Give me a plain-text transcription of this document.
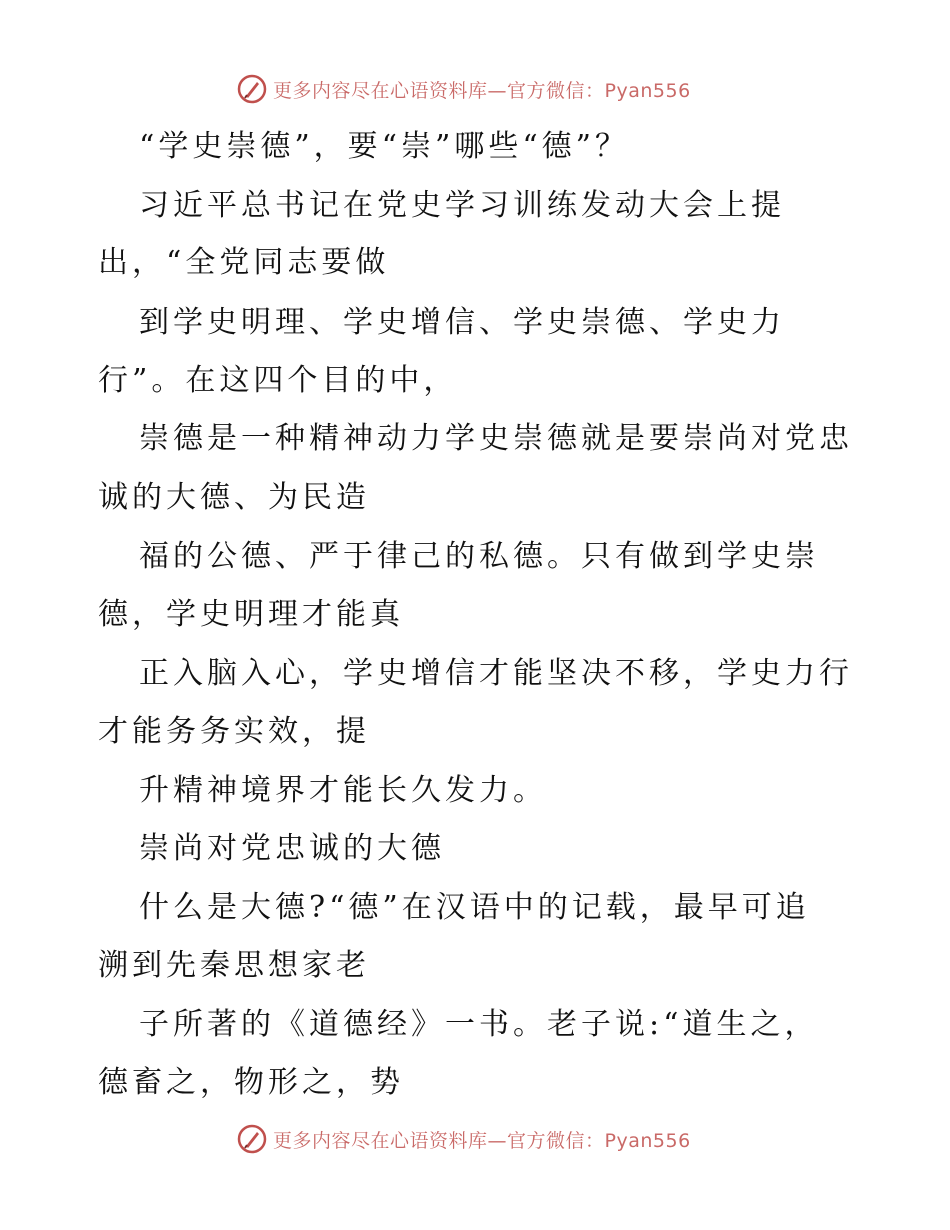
更多内容尽在心语资料库—官方微信：Pyan556
“学史崇德”，要“崇”哪些“德”？
习近平总书记在党史学习训练发动大会上提
出，“全党同志要做
到学史明理、学史增信、学史崇德、学史力
行”。在这四个目的中，
崇德是一种精神动力学史崇德就是要崇尚对党忠
诚的大德、为民造
福的公德、严于律己的私德。只有做到学史崇
德，学史明理才能真
正入脑入心，学史增信才能坚决不移，学史力行
才能务务实效，提
升精神境界才能长久发力。
崇尚对党忠诚的大德
什么是大德?“德”在汉语中的记载，最早可追
溯到先秦思想家老
子所著的《道德经》一书。老子说:“道生之，
德畜之，物形之，势
更多内容尽在心语资料库—官方微信：Pyan556
